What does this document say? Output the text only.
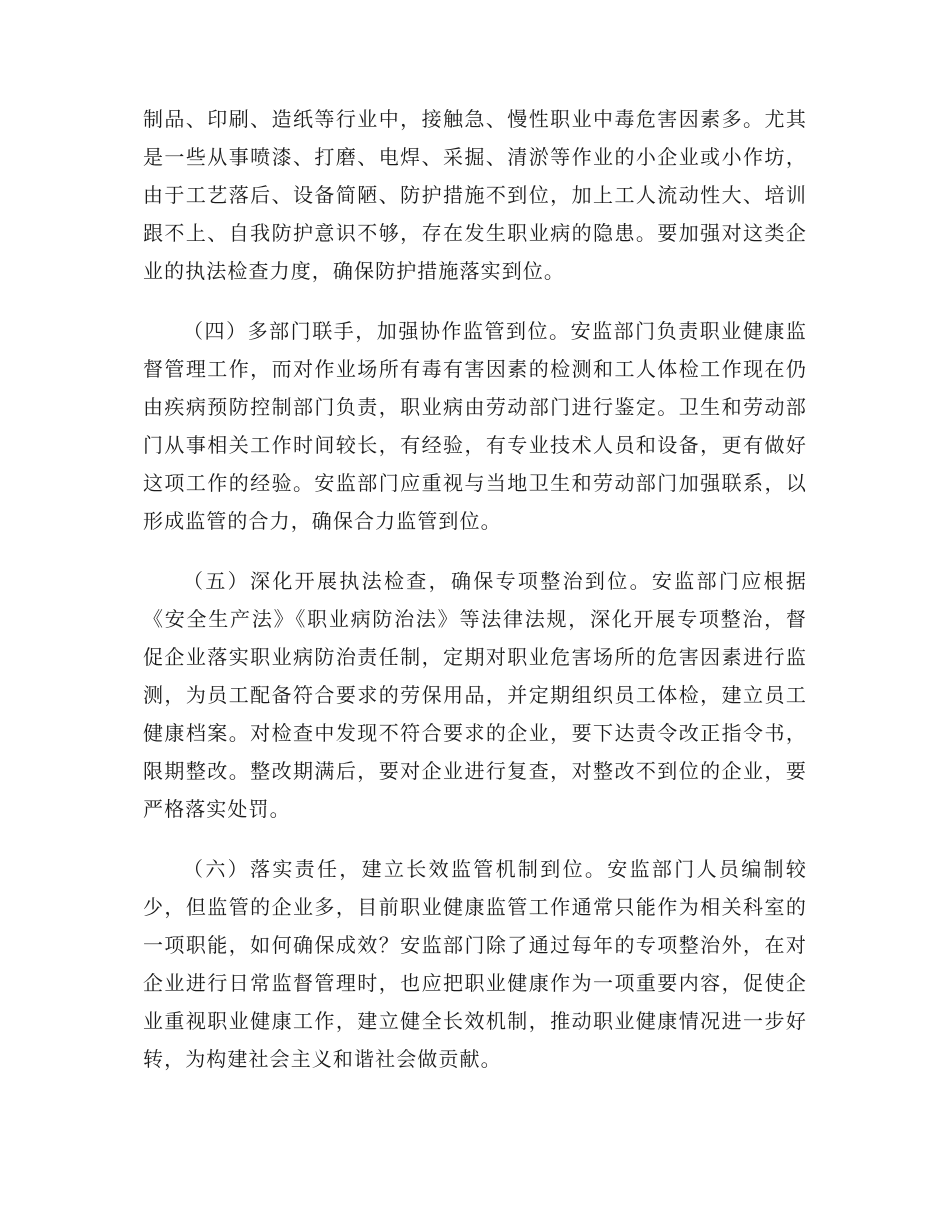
制品、印刷、造纸等行业中，接触急、慢性职业中毒危害因素多。尤其是一些从事喷漆、打磨、电焊、采掘、清淤等作业的小企业或小作坊，由于工艺落后、设备简陋、防护措施不到位，加上工人流动性大、培训跟不上、自我防护意识不够，存在发生职业病的隐患。要加强对这类企业的执法检查力度，确保防护措施落实到位。

（四）多部门联手，加强协作监管到位。安监部门负责职业健康监督管理工作，而对作业场所有毒有害因素的检测和工人体检工作现在仍由疾病预防控制部门负责，职业病由劳动部门进行鉴定。卫生和劳动部门从事相关工作时间较长，有经验，有专业技术人员和设备，更有做好这项工作的经验。安监部门应重视与当地卫生和劳动部门加强联系，以形成监管的合力，确保合力监管到位。

（五）深化开展执法检查，确保专项整治到位。安监部门应根据《安全生产法》《职业病防治法》等法律法规，深化开展专项整治，督促企业落实职业病防治责任制，定期对职业危害场所的危害因素进行监测，为员工配备符合要求的劳保用品，并定期组织员工体检，建立员工健康档案。对检查中发现不符合要求的企业，要下达责令改正指令书，限期整改。整改期满后，要对企业进行复查，对整改不到位的企业，要严格落实处罚。

（六）落实责任，建立长效监管机制到位。安监部门人员编制较少，但监管的企业多，目前职业健康监管工作通常只能作为相关科室的一项职能，如何确保成效？安监部门除了通过每年的专项整治外，在对企业进行日常监督管理时，也应把职业健康作为一项重要内容，促使企业重视职业健康工作，建立健全长效机制，推动职业健康情况进一步好转，为构建社会主义和谐社会做贡献。
